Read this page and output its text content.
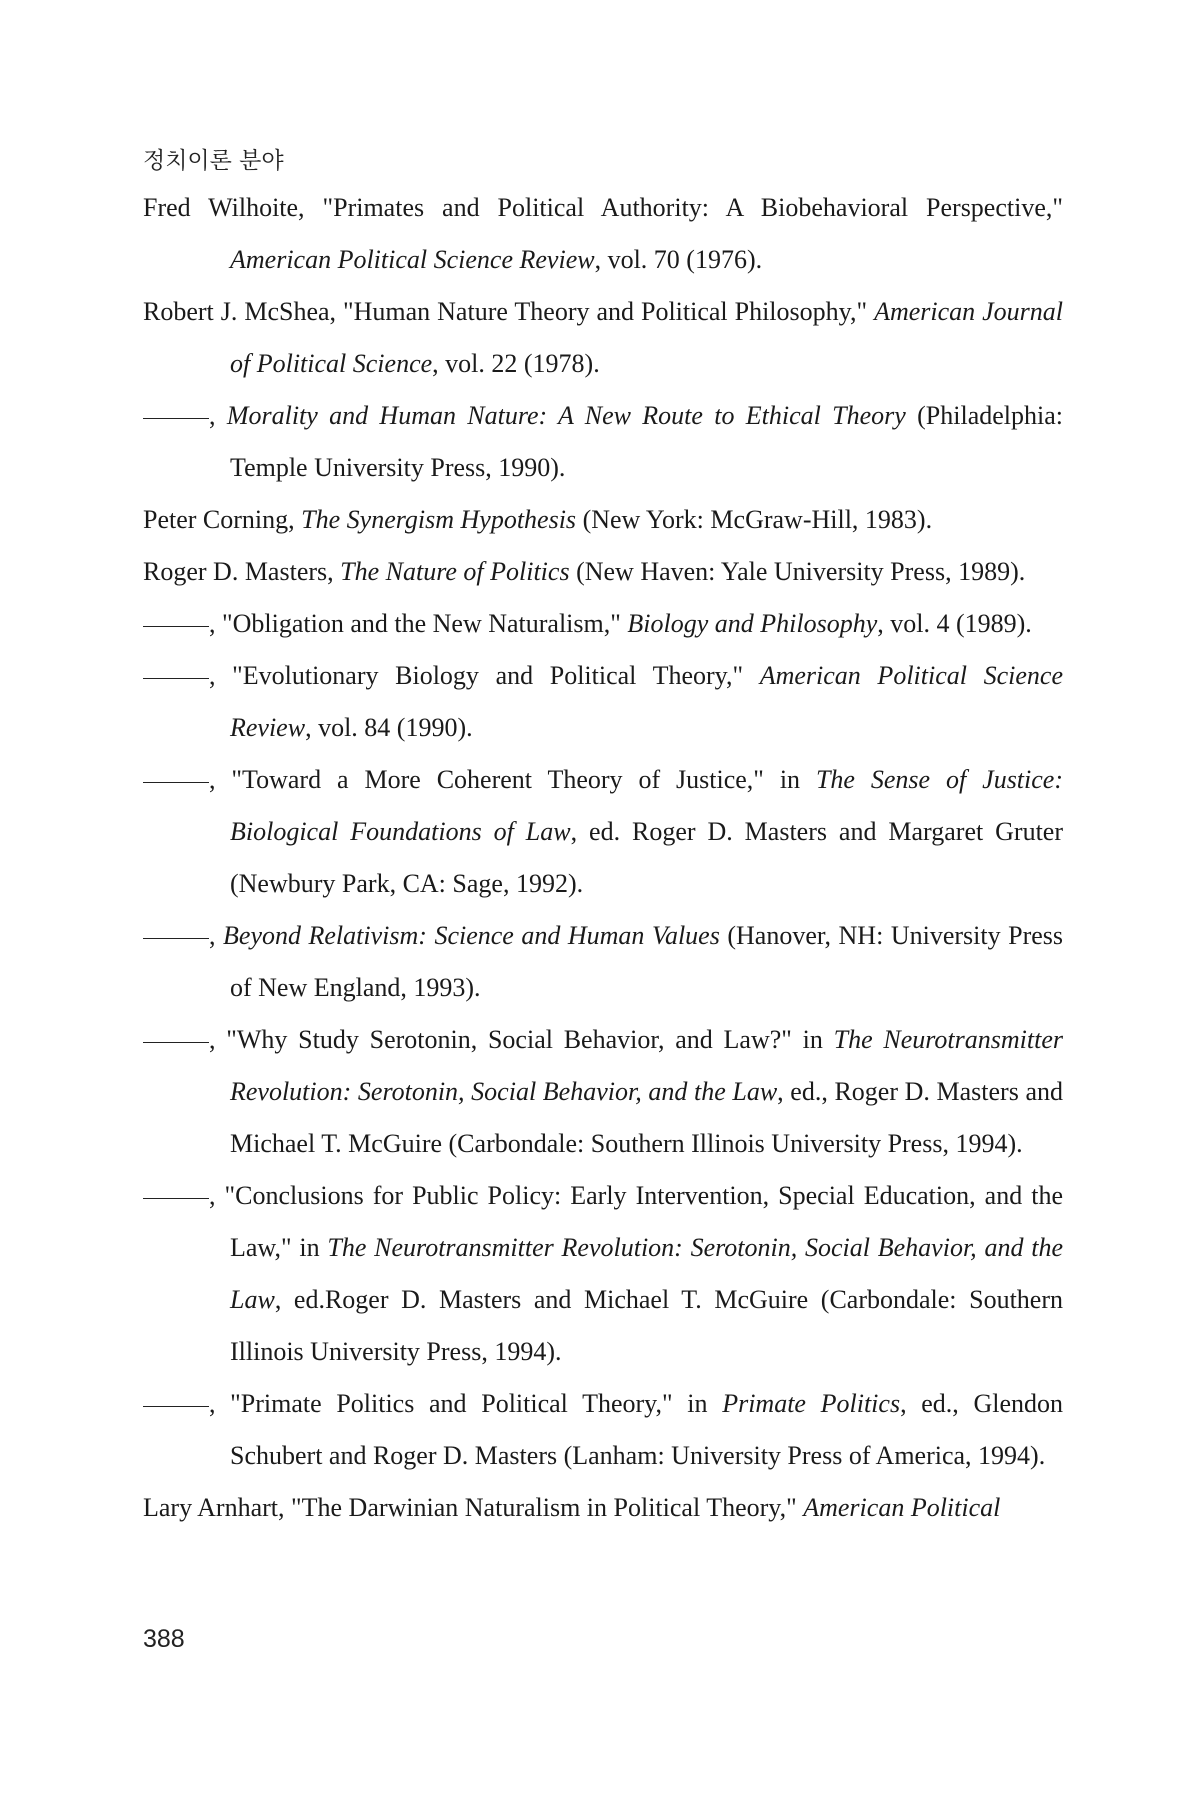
정치이론 분야

Fred Wilhoite, "Primates and Political Authority: A Biobehavioral Perspective," American Political Science Review, vol. 70 (1976).

Robert J. McShea, "Human Nature Theory and Political Philosophy," American Journal of Political Science, vol. 22 (1978).

, Morality and Human Nature: A New Route to Ethical Theory (Philadelphia: Temple University Press, 1990).

Peter Corning, The Synergism Hypothesis (New York: McGraw-Hill, 1983).

Roger D. Masters, The Nature of Politics (New Haven: Yale University Press, 1989).

, "Obligation and the New Naturalism," Biology and Philosophy, vol. 4 (1989).

, "Evolutionary Biology and Political Theory," American Political Science Review, vol. 84 (1990).

, "Toward a More Coherent Theory of Justice," in The Sense of Justice: Biological Foundations of Law, ed. Roger D. Masters and Margaret Gruter (Newbury Park, CA: Sage, 1992).

, Beyond Relativism: Science and Human Values (Hanover, NH: University Press of New England, 1993).

, "Why Study Serotonin, Social Behavior, and Law?" in The Neurotransmitter Revolution: Serotonin, Social Behavior, and the Law, ed., Roger D. Masters and Michael T. McGuire (Carbondale: Southern Illinois University Press, 1994).

, "Conclusions for Public Policy: Early Intervention, Special Education, and the Law," in The Neurotransmitter Revolution: Serotonin, Social Behavior, and the Law, ed.Roger D. Masters and Michael T. McGuire (Carbondale: Southern Illinois University Press, 1994).

, "Primate Politics and Political Theory," in Primate Politics, ed., Glendon Schubert and Roger D. Masters (Lanham: University Press of America, 1994).

Lary Arnhart, "The Darwinian Naturalism in Political Theory," American Political

388
